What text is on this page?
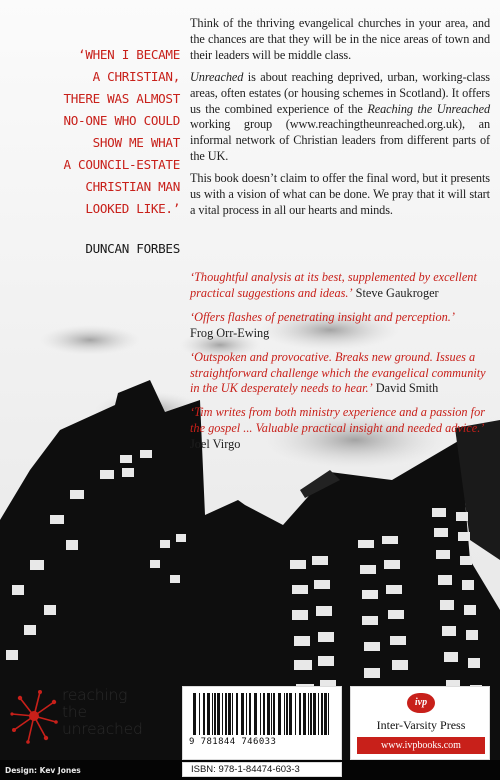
‘WHEN I BECAME
A CHRISTIAN,
THERE WAS ALMOST
NO-ONE WHO COULD
SHOW ME WHAT
A COUNCIL-ESTATE
CHRISTIAN MAN
LOOKED LIKE.’
DUNCAN FORBES

Think of the thriving evangelical churches in your area, and the chances are that they will be in the nice areas of town and their leaders will be middle class.

Unreached is about reaching deprived, urban, working-class areas, often estates (or housing schemes in Scotland). It offers us the combined experience of the Reaching the Unreached working group (www.reachingtheunreached.org.uk), an informal network of Christian leaders from different parts of the UK.

This book doesn’t claim to offer the final word, but it presents us with a vision of what can be done. We pray that it will start a vital process in all our hearts and minds.

‘Thoughtful analysis at its best, supplemented by excellent practical suggestions and ideas.’ Steve Gaukroger
‘Offers flashes of penetrating insight and perception.’
Frog Orr-Ewing
‘Outspoken and provocative. Breaks new ground. Issues a straightforward challenge which the evangelical community in the UK desperately needs to hear.’ David Smith
‘Tim writes from both ministry experience and a passion for the gospel ... Valuable practical insight and needed advice.’
Joel Virgo
reaching
the
unreached
9 781844 746033
ISBN: 978-1-84474-603-3
ivp
Inter-Varsity Press
www.ivpbooks.com
Design: Kev Jones
